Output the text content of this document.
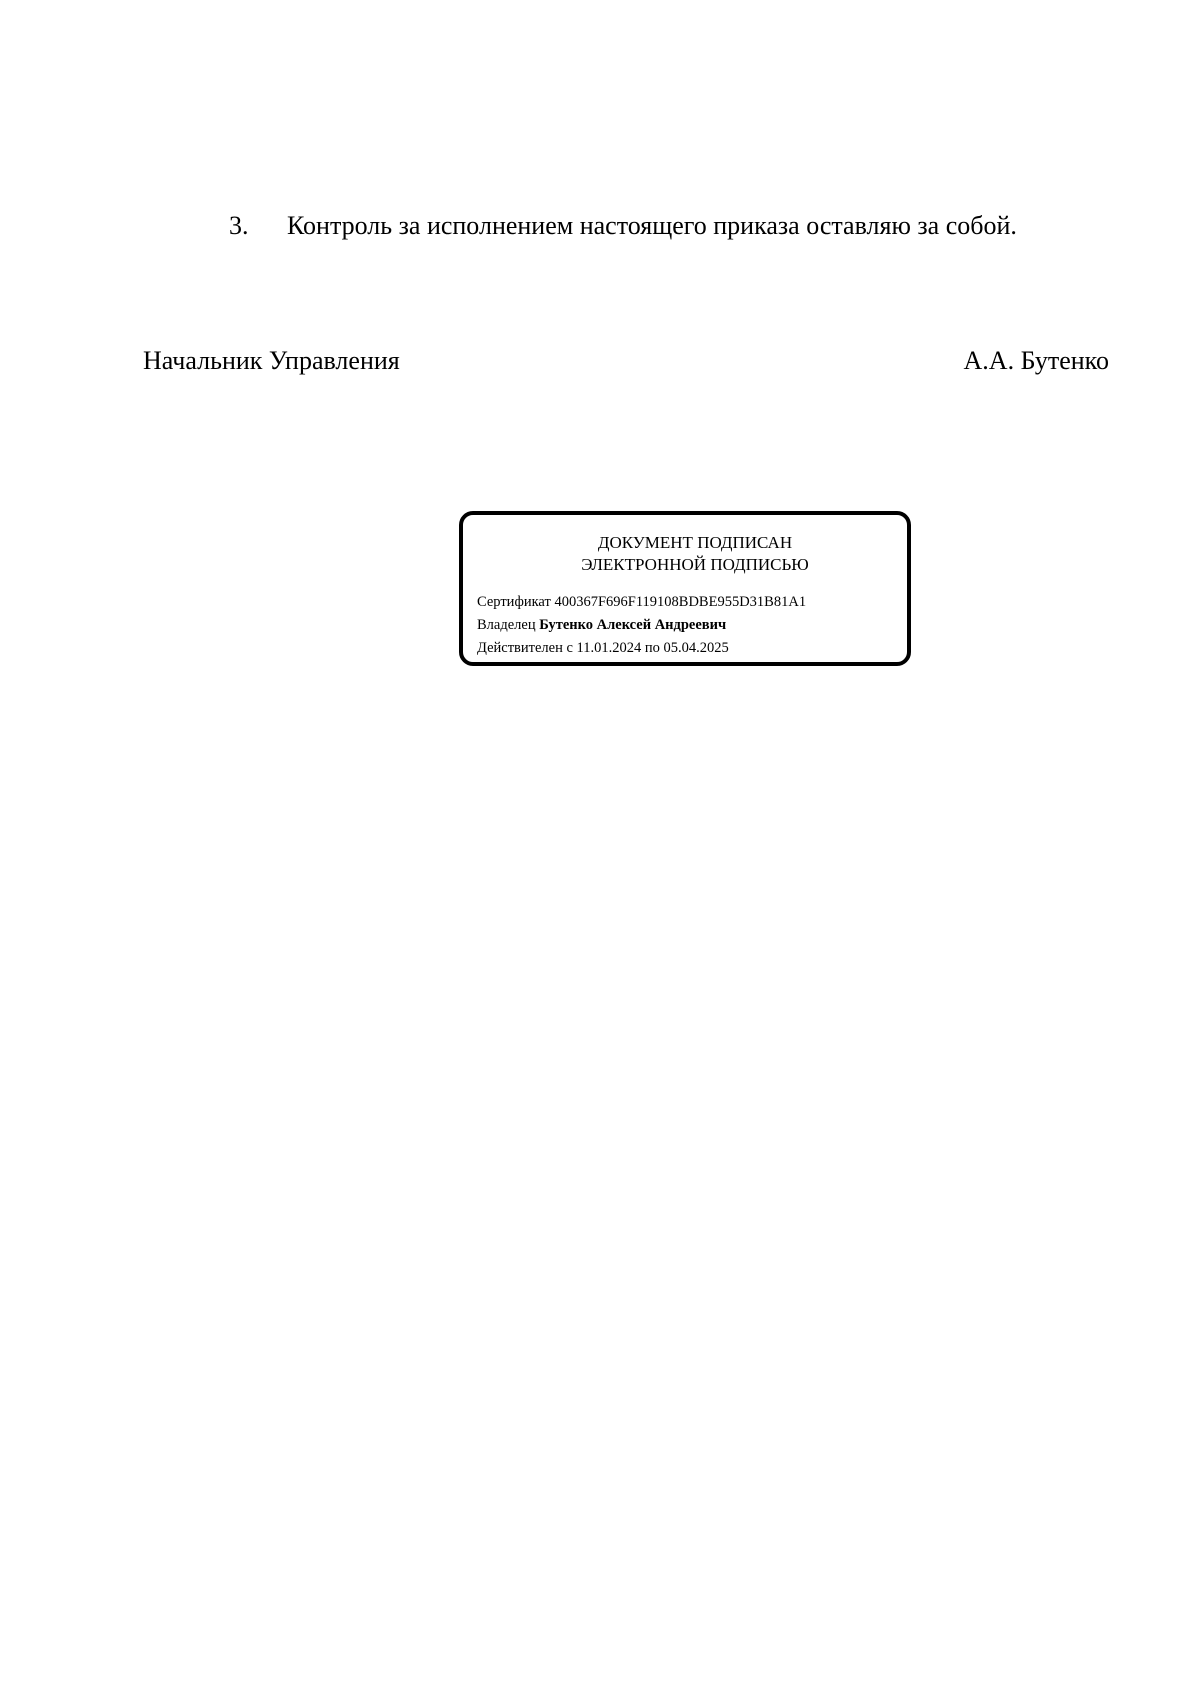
3. Контроль за исполнением настоящего приказа оставляю за собой.
Начальник Управления	А.А. Бутенко
ДОКУМЕНТ ПОДПИСАН
ЭЛЕКТРОННОЙ ПОДПИСЬЮ
Сертификат 400367F696F119108BDBE955D31B81A1
Владелец Бутенко Алексей Андреевич
Действителен с 11.01.2024 по 05.04.2025
